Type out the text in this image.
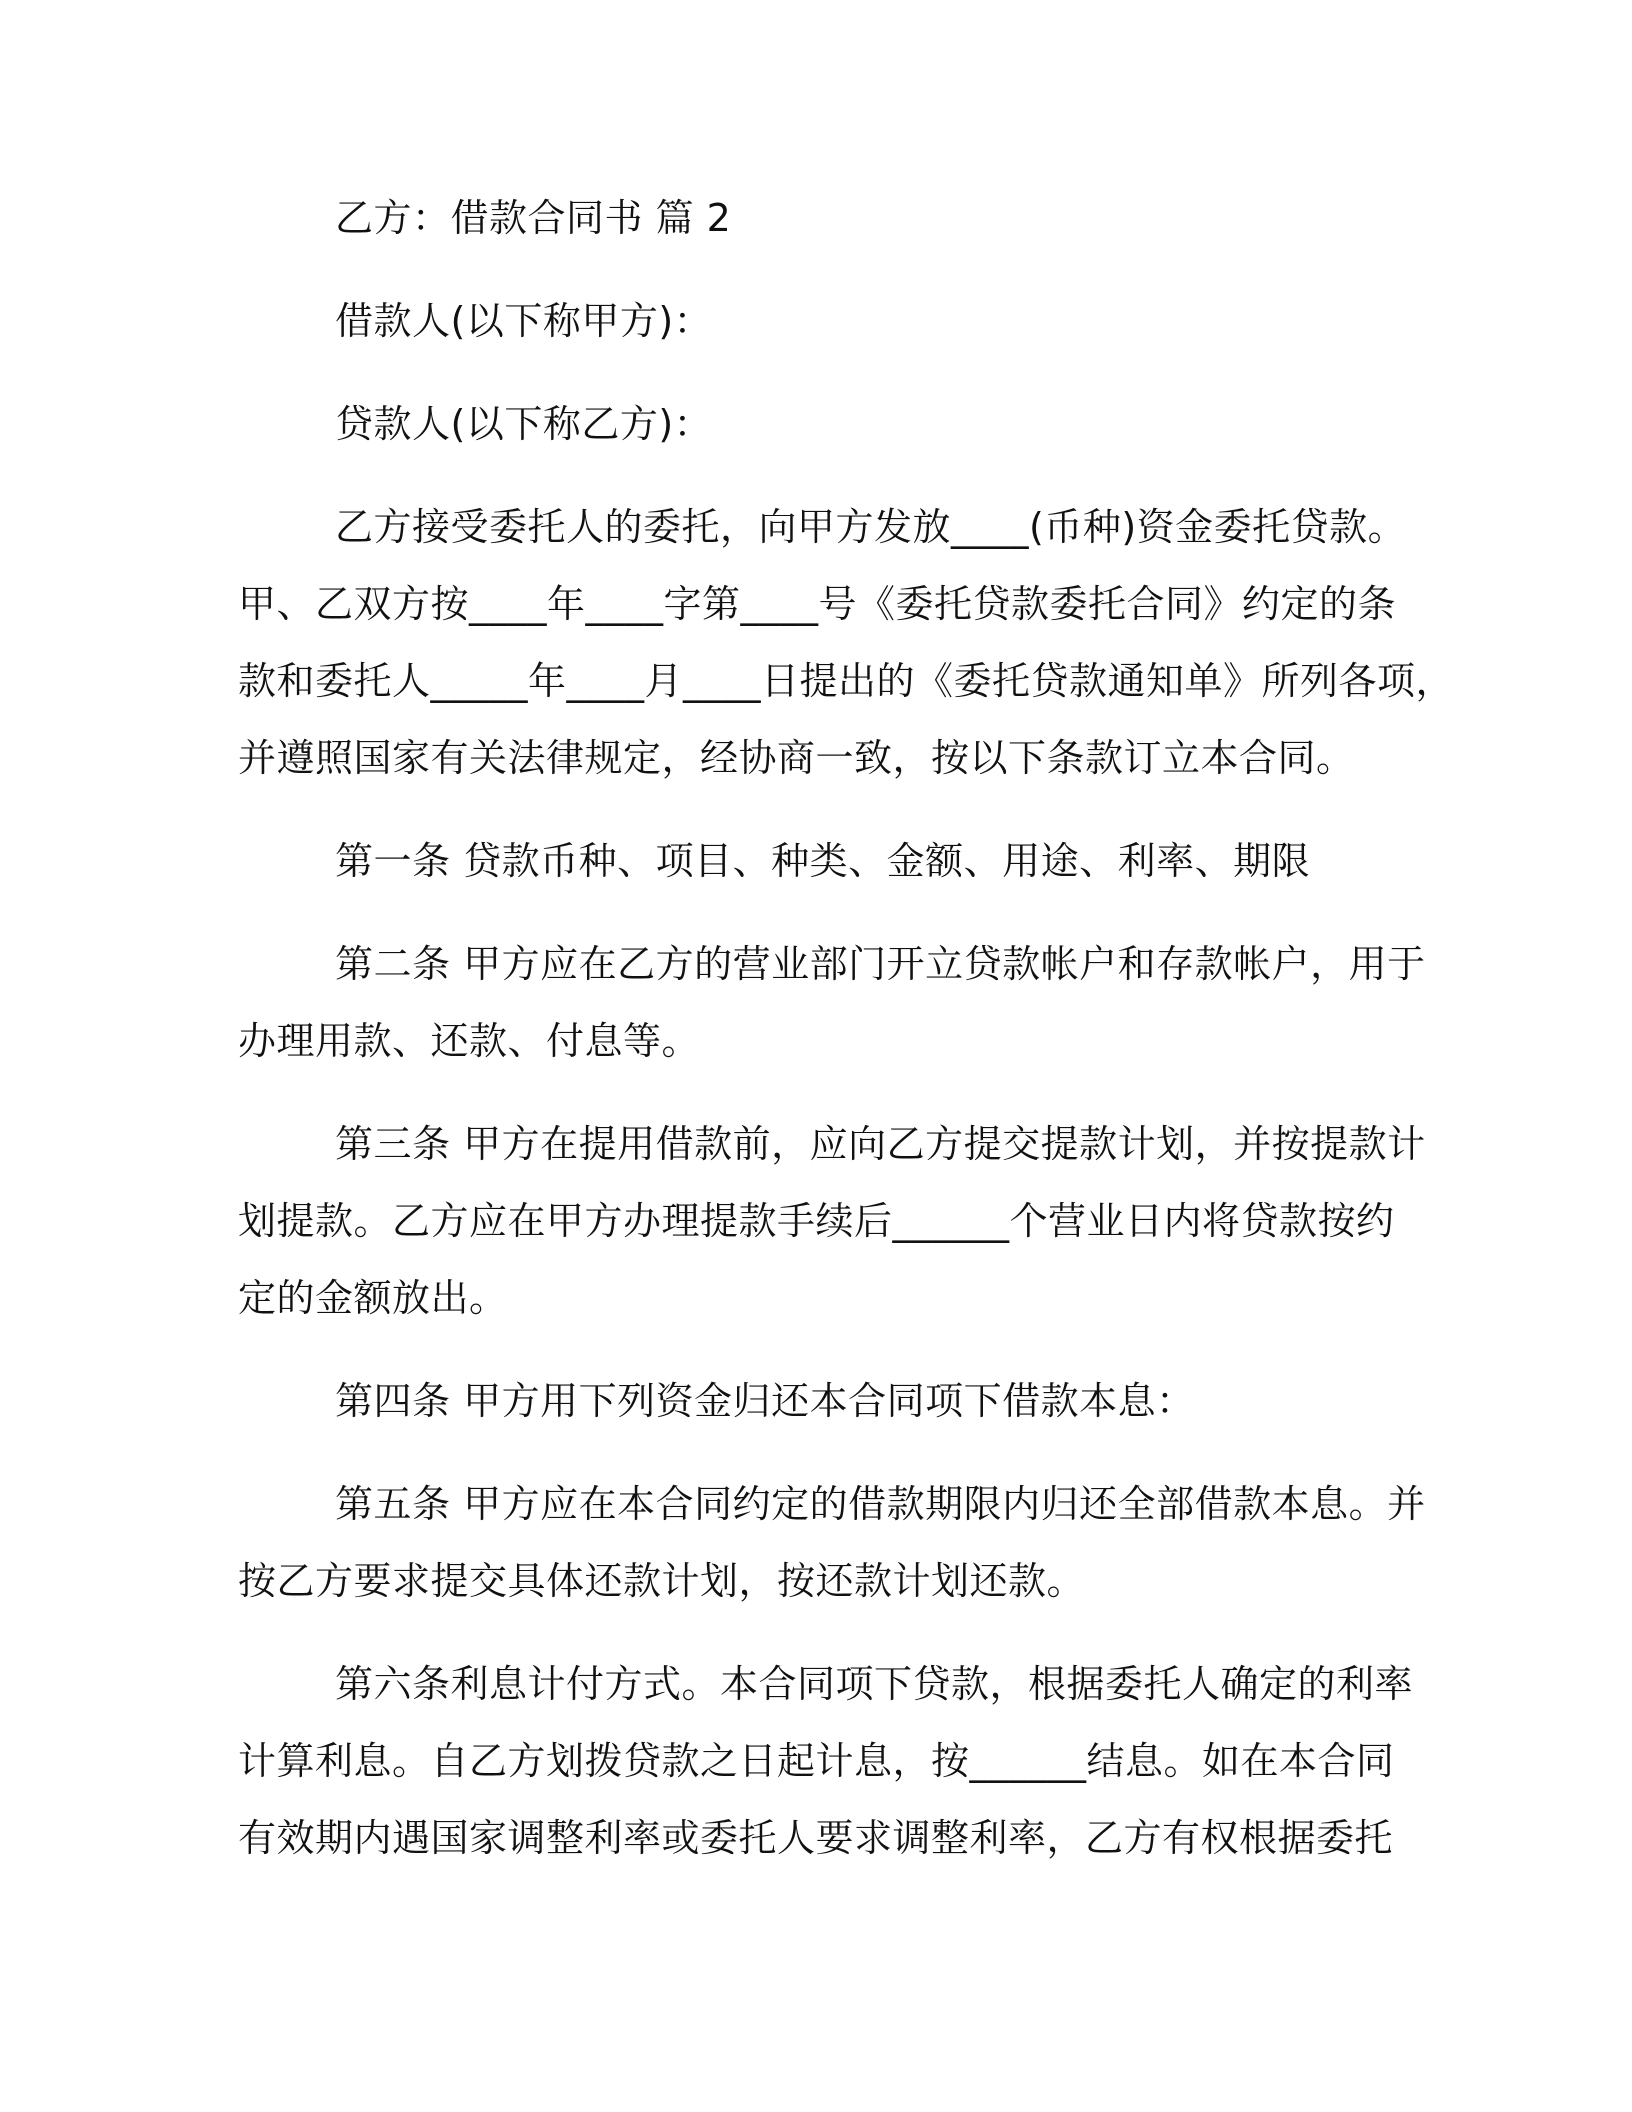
乙方：借款合同书 篇 2
借款人(以下称甲方)：
贷款人(以下称乙方)：
乙方接受委托人的委托，向甲方发放____(币种)资金委托贷款。
甲、乙双方按____年____字第____号《委托贷款委托合同》约定的条
款和委托人_____年____月____日提出的《委托贷款通知单》所列各项，
并遵照国家有关法律规定，经协商一致，按以下条款订立本合同。
第一条 贷款币种、项目、种类、金额、用途、利率、期限
第二条 甲方应在乙方的营业部门开立贷款帐户和存款帐户，用于
办理用款、还款、付息等。
第三条 甲方在提用借款前，应向乙方提交提款计划，并按提款计
划提款。乙方应在甲方办理提款手续后______个营业日内将贷款按约
定的金额放出。
第四条 甲方用下列资金归还本合同项下借款本息：
第五条 甲方应在本合同约定的借款期限内归还全部借款本息。并
按乙方要求提交具体还款计划，按还款计划还款。
第六条利息计付方式。本合同项下贷款，根据委托人确定的利率
计算利息。自乙方划拨贷款之日起计息，按______结息。如在本合同
有效期内遇国家调整利率或委托人要求调整利率，乙方有权根据委托
